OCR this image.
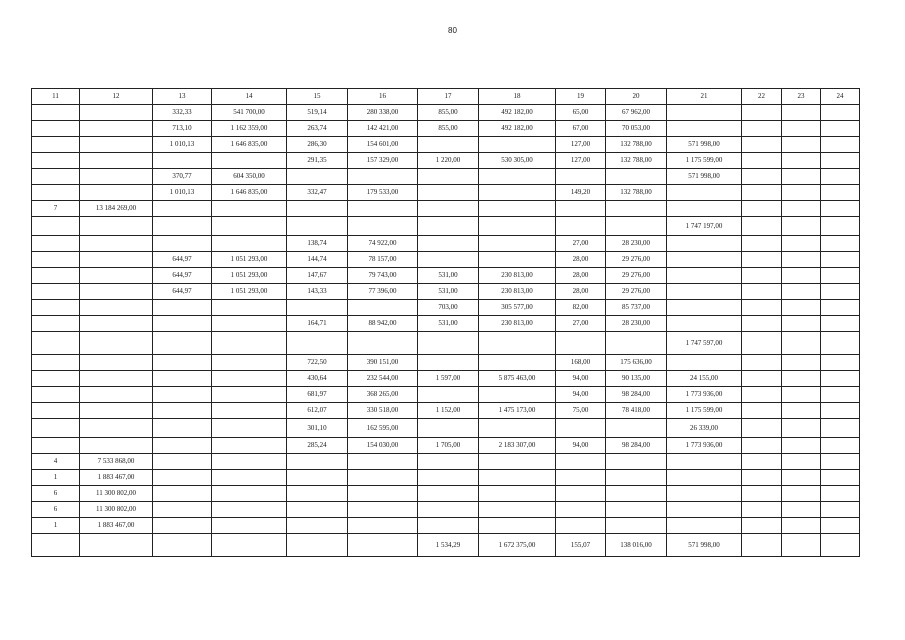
80
11	12	13	14	15	16	17	18	19	20	21	22	23	24
		332,33	541 700,00	519,14	280 338,00	855,00	492 182,00	65,00	67 962,00				
		713,10	1 162 359,00	263,74	142 421,00	855,00	492 182,00	67,00	70 053,00				
		1 010,13	1 646 835,00	286,30	154 601,00			127,00	132 788,00	571 998,00			
				291,35	157 329,00	1 220,00	530 305,00	127,00	132 788,00	1 175 599,00			
		370,77	604 350,00							571 998,00			
		1 010,13	1 646 835,00	332,47	179 533,00			149,20	132 788,00				
7	13 184 269,00												
										1 747 197,00			
				138,74	74 922,00			27,00	28 230,00				
		644,97	1 051 293,00	144,74	78 157,00			28,00	29 276,00				
		644,97	1 051 293,00	147,67	79 743,00	531,00	230 813,00	28,00	29 276,00				
		644,97	1 051 293,00	143,33	77 396,00	531,00	230 813,00	28,00	29 276,00				
						703,00	305 577,00	82,00	85 737,00				
				164,71	88 942,00	531,00	230 813,00	27,00	28 230,00				
										1 747 597,00			
				722,50	390 151,00			168,00	175 636,00				
				430,64	232 544,00	1 597,00	5 875 463,00	94,00	90 135,00	24 155,00			
				681,97	368 265,00			94,00	98 284,00	1 773 936,00			
				612,07	330 518,00	1 152,00	1 475 173,00	75,00	78 418,00	1 175 599,00			
				301,10	162 595,00					26 339,00			
				285,24	154 030,00	1 705,00	2 183 307,00	94,00	98 284,00	1 773 936,00			
4	7 533 868,00												
1	1 883 467,00												
6	11 300 802,00												
6	11 300 802,00												
1	1 883 467,00												
						1 534,29	1 672 375,00	155,07	138 016,00	571 998,00			
